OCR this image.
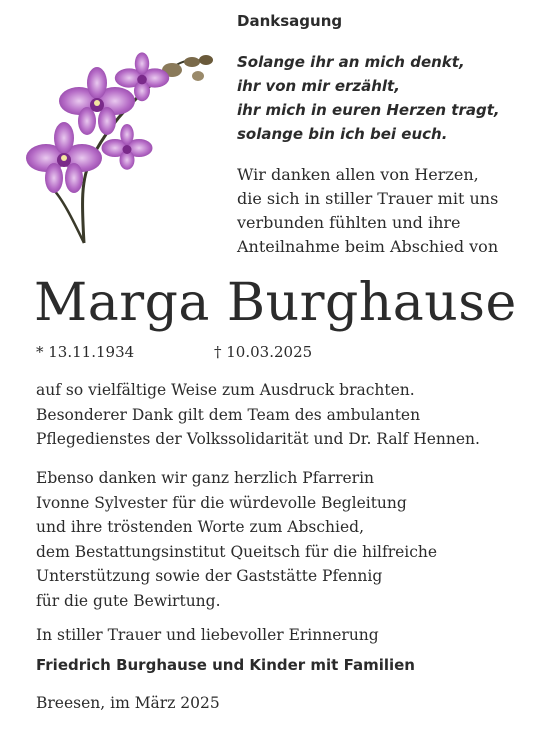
Danksagung
Solange ihr an mich denkt,
ihr von mir erzählt,
ihr mich in euren Herzen tragt,
solange bin ich bei euch.
Wir danken allen von Herzen,
die sich in stiller Trauer mit uns
verbunden fühlten und ihre
Anteilnahme beim Abschied von
Marga Burghause
* 13.11.1934	† 10.03.2025
auf so vielfältige Weise zum Ausdruck brachten.
Besonderer Dank gilt dem Team des ambulanten
Pflegedienstes der Volkssolidarität und Dr. Ralf Hennen.
Ebenso danken wir ganz herzlich Pfarrerin
Ivonne Sylvester für die würdevolle Begleitung
und ihre tröstenden Worte zum Abschied,
dem Bestattungsinstitut Queitsch für die hilfreiche
Unterstützung sowie der Gaststätte Pfennig
für die gute Bewirtung.
In stiller Trauer und liebevoller Erinnerung
Friedrich Burghause und Kinder mit Familien
Breesen, im März 2025
